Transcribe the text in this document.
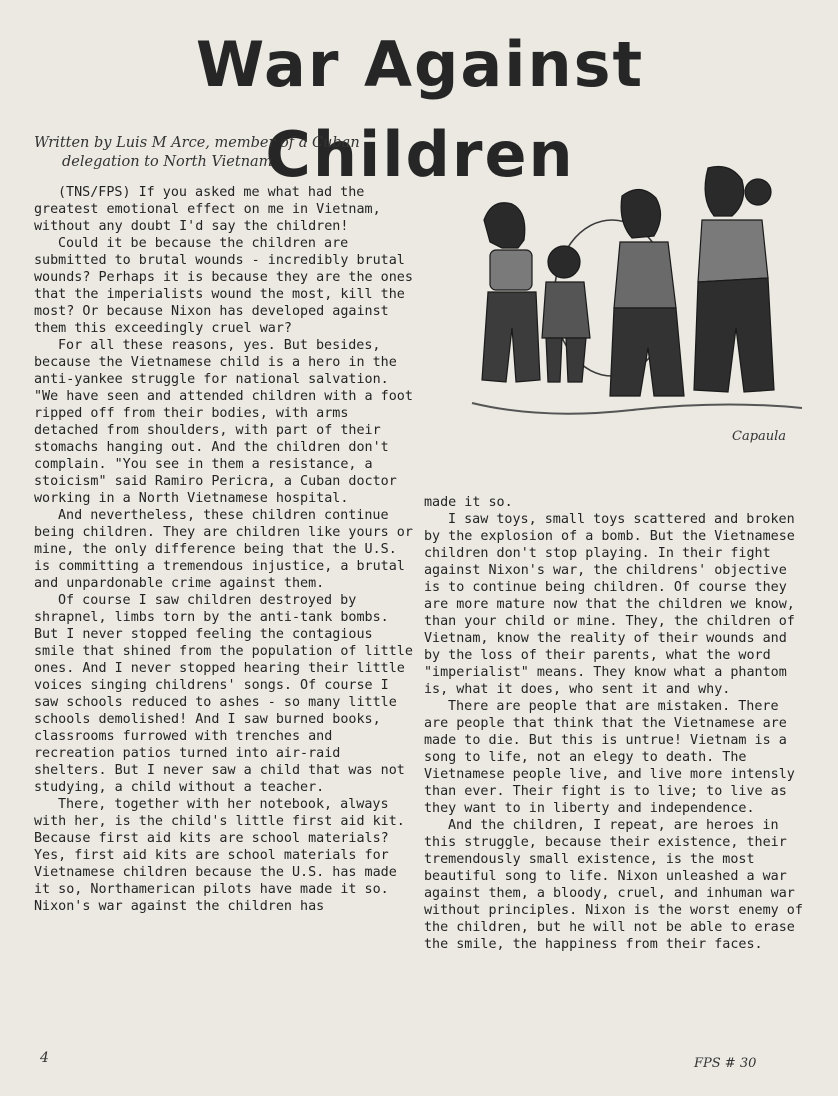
War Against Children
Written by Luis M Arce, member of a Cuban
delegation to North Vietnam

(TNS/FPS) If you asked me what had the greatest emotional effect on me in Vietnam, without any doubt I'd say the children!

Could it be because the children are submitted to brutal wounds - incredibly brutal wounds? Perhaps it is because they are the ones that the imperialists wound the most, kill the most? Or because Nixon has developed against them this exceedingly cruel war?

For all these reasons, yes. But besides, because the Vietnamese child is a hero in the anti-yankee struggle for national salvation. "We have seen and attended children with a foot ripped off from their bodies, with arms detached from shoulders, with part of their stomachs hanging out. And the children don't complain. "You see in them a resistance, a stoicism" said Ramiro Pericra, a Cuban doctor working in a North Vietnamese hospital.

And nevertheless, these children continue being children. They are children like yours or mine, the only difference being that the U.S. is committing a tremendous injustice, a brutal and unpardonable crime against them.

Of course I saw children destroyed by shrapnel, limbs torn by the anti-tank bombs. But I never stopped feeling the contagious smile that shined from the population of little ones. And I never stopped hearing their little voices singing childrens' songs. Of course I saw schools reduced to ashes - so many little schools demolished! And I saw burned books, classrooms furrowed with trenches and recreation patios turned into air-raid shelters. But I never saw a child that was not studying, a child without a teacher.

There, together with her notebook, always with her, is the child's little first aid kit. Because first aid kits are school materials? Yes, first aid kits are school materials for Vietnamese children because the U.S. has made it so, Northamerican pilots have made it so. Nixon's war against the children has

Capaula

made it so.

I saw toys, small toys scattered and broken by the explosion of a bomb. But the Vietnamese children don't stop playing. In their fight against Nixon's war, the childrens' objective is to continue being children. Of course they are more mature now that the children we know, than your child or mine. They, the children of Vietnam, know the reality of their wounds and by the loss of their parents, what the word "imperialist" means. They know what a phantom is, what it does, who sent it and why.

There are people that are mistaken. There are people that think that the Vietnamese are made to die. But this is untrue! Vietnam is a song to life, not an elegy to death. The Vietnamese people live, and live more intensly than ever. Their fight is to live; to live as they want to in liberty and independence.

And the children, I repeat, are heroes in this struggle, because their existence, their tremendously small existence, is the most beautiful song to life. Nixon unleashed a war against them, a bloody, cruel, and inhuman war without principles. Nixon is the worst enemy of the children, but he will not be able to erase the smile, the happiness from their faces.

4	FPS # 30
